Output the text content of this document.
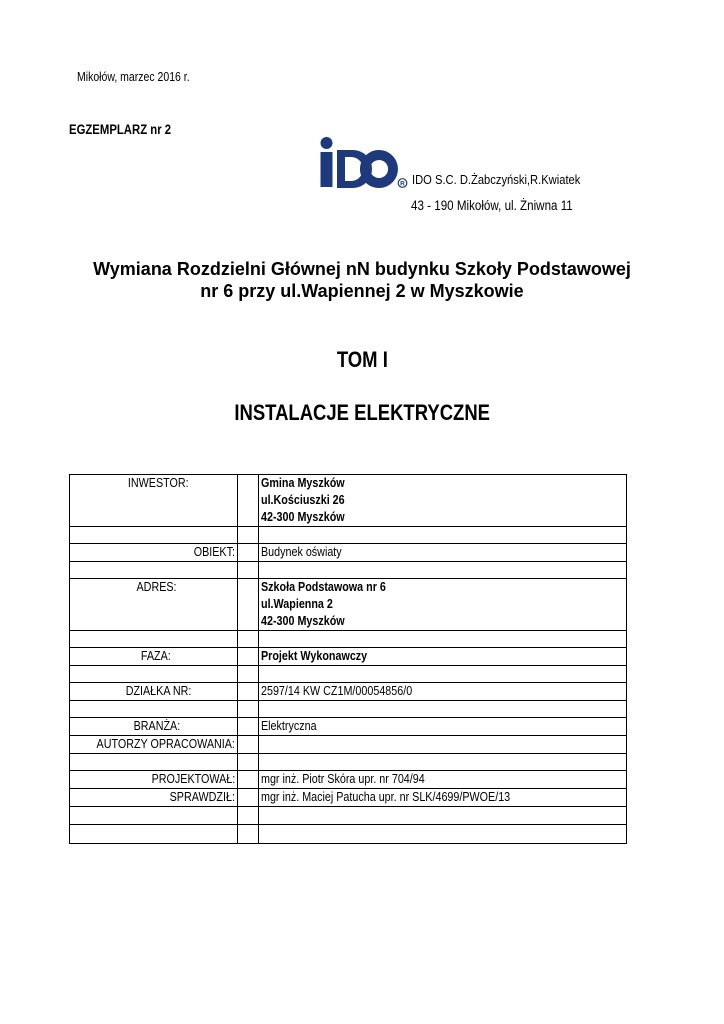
Mikołów, marzec 2016 r.
EGZEMPLARZ nr 2
R IDO S.C. D.Żabczyński,R.Kwiatek
43 - 190 Mikołów, ul. Żniwna 11
Wymiana Rozdzielni Głównej nN budynku Szkoły Podstawowej
nr 6 przy ul.Wapiennej 2 w Myszkowie
TOM I
INSTALACJE ELEKTRYCZNE
INWESTOR:		Gmina Myszków
ul.Kościuszki 26
42-300 Myszków

OBIEKT:		Budynek oświaty

ADRES:		Szkoła Podstawowa nr 6
ul.Wapienna 2
42-300 Myszków

FAZA:		Projekt Wykonawczy

DZIAŁKA NR:		2597/14 KW CZ1M/00054856/0

BRANŻA:		Elektryczna
AUTORZY OPRACOWANIA:		

PROJEKTOWAŁ:		mgr inż. Piotr Skóra upr. nr 704/94
SPRAWDZIŁ:		mgr inż. Maciej Patucha upr. nr SLK/4699/PWOE/13
